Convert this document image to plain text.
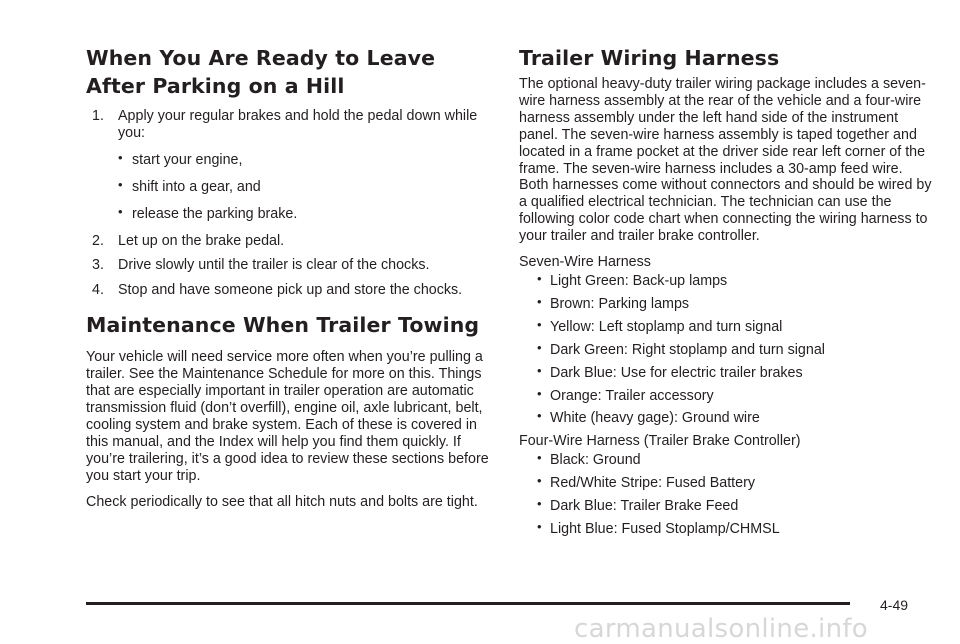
When You Are Ready to Leave After Parking on a Hill
1. Apply your regular brakes and hold the pedal down while you:
• start your engine,
• shift into a gear, and
• release the parking brake.
2. Let up on the brake pedal.
3. Drive slowly until the trailer is clear of the chocks.
4. Stop and have someone pick up and store the chocks.
Maintenance When Trailer Towing

Your vehicle will need service more often when you’re pulling a trailer. See the Maintenance Schedule for more on this. Things that are especially important in trailer operation are automatic transmission fluid (don’t overfill), engine oil, axle lubricant, belt, cooling system and brake system. Each of these is covered in this manual, and the Index will help you find them quickly. If you’re trailering, it’s a good idea to review these sections before you start your trip.

Check periodically to see that all hitch nuts and bolts are tight.

Trailer Wiring Harness

The optional heavy-duty trailer wiring package includes a seven-wire harness assembly at the rear of the vehicle and a four-wire harness assembly under the left hand side of the instrument panel. The seven-wire harness assembly is taped together and located in a frame pocket at the driver side rear left corner of the frame. The seven-wire harness includes a 30-amp feed wire. Both harnesses come without connectors and should be wired by a qualified electrical technician. The technician can use the following color code chart when connecting the wiring harness to your trailer and trailer brake controller.

Seven-Wire Harness

• Light Green: Back-up lamps
• Brown: Parking lamps
• Yellow: Left stoplamp and turn signal
• Dark Green: Right stoplamp and turn signal
• Dark Blue: Use for electric trailer brakes
• Orange: Trailer accessory
• White (heavy gage): Ground wire

Four-Wire Harness (Trailer Brake Controller)

• Black: Ground
• Red/White Stripe: Fused Battery
• Dark Blue: Trailer Brake Feed
• Light Blue: Fused Stoplamp/CHMSL
4-49
carmanualsonline.info
